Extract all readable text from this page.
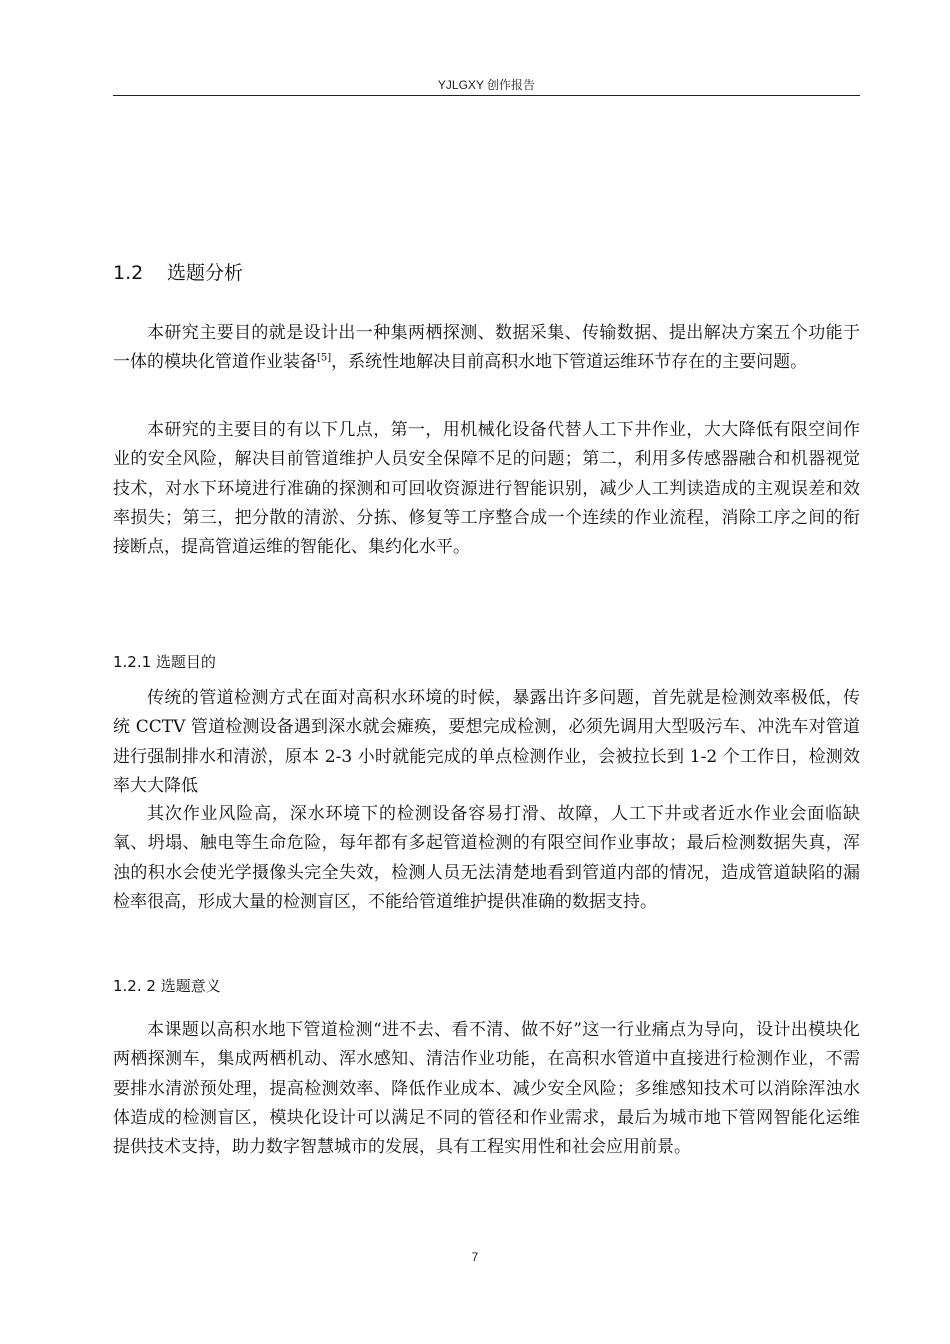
YJLGXY 创作报告
1.2 选题分析

本研究主要目的就是设计出一种集两栖探测、数据采集、传输数据、提出解决方案五个功能于一体的模块化管道作业装备[5]，系统性地解决目前高积水地下管道运维环节存在的主要问题。

本研究的主要目的有以下几点，第一，用机械化设备代替人工下井作业，大大降低有限空间作业的安全风险，解决目前管道维护人员安全保障不足的问题；第二，利用多传感器融合和机器视觉技术，对水下环境进行准确的探测和可回收资源进行智能识别，减少人工判读造成的主观误差和效率损失；第三，把分散的清淤、分拣、修复等工序整合成一个连续的作业流程，消除工序之间的衔接断点，提高管道运维的智能化、集约化水平。

1.2.1 选题目的

传统的管道检测方式在面对高积水环境的时候，暴露出许多问题，首先就是检测效率极低，传统 CCTV 管道检测设备遇到深水就会瘫痪，要想完成检测，必须先调用大型吸污车、冲洗车对管道进行强制排水和清淤，原本 2-3 小时就能完成的单点检测作业，会被拉长到 1-2 个工作日，检测效率大大降低

其次作业风险高，深水环境下的检测设备容易打滑、故障，人工下井或者近水作业会面临缺氧、坍塌、触电等生命危险，每年都有多起管道检测的有限空间作业事故；最后检测数据失真，浑浊的积水会使光学摄像头完全失效，检测人员无法清楚地看到管道内部的情况，造成管道缺陷的漏检率很高，形成大量的检测盲区，不能给管道维护提供准确的数据支持。

1.2. 2 选题意义

本课题以高积水地下管道检测“进不去、看不清、做不好”这一行业痛点为导向，设计出模块化两栖探测车，集成两栖机动、浑水感知、清洁作业功能，在高积水管道中直接进行检测作业，不需要排水清淤预处理，提高检测效率、降低作业成本、减少安全风险；多维感知技术可以消除浑浊水体造成的检测盲区，模块化设计可以满足不同的管径和作业需求，最后为城市地下管网智能化运维提供技术支持，助力数字智慧城市的发展，具有工程实用性和社会应用前景。

7
